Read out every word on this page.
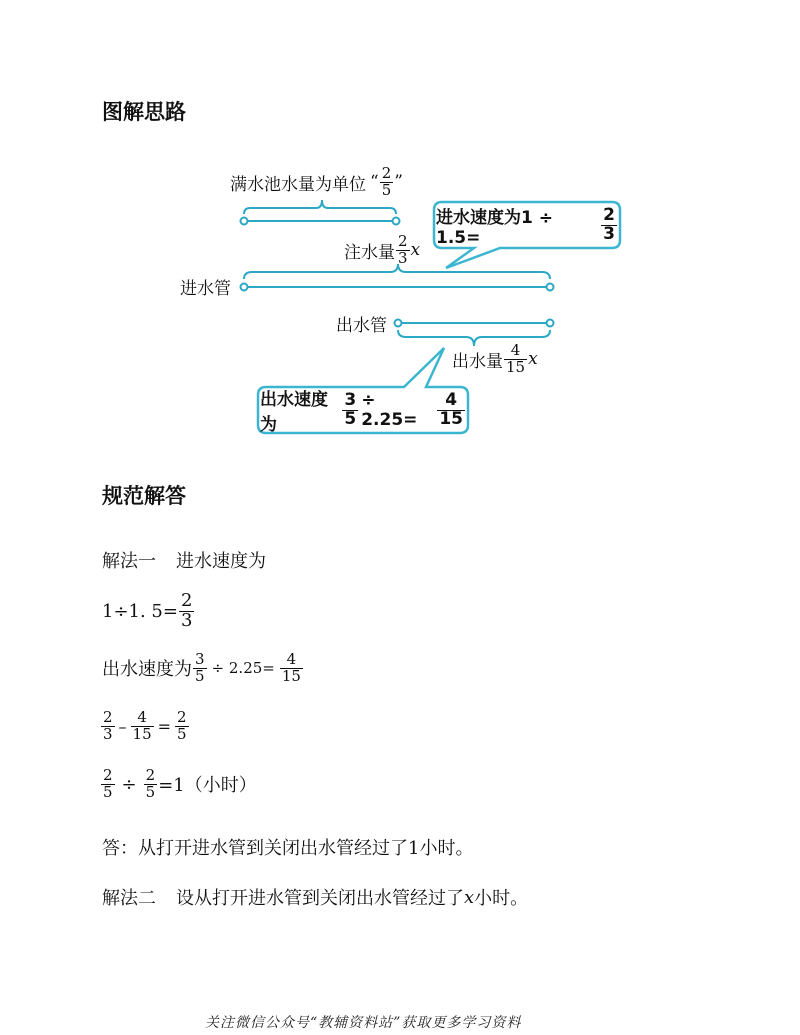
图解思路
满水池水量为单位 “ $\frac{2}{5}$ ”
注水量 $\frac{2}{3}$ x
进水管
出水管
出水量 $\frac{4}{15}$ x
进水速度为1 ÷ 1.5=	$\frac{2}{3}$
出水速度为	$\frac{3}{5} \div 2.25=$	$\frac{4}{15}$
规范解答
解法一 进水速度为
1÷1. $5= \frac{2}{3}$
出水速度为 $\frac{3}{5} \div 2.25= \frac{4}{15}$
$\frac{2}{3} - \frac{4}{15} = \frac{2}{5}$
$\frac{2}{5} \div \frac{2}{5} =1$（小时）
答：从打开进水管到关闭出水管经过了1小时。
解法二 设从打开进水管到关闭出水管经过了 x 小时。
关注微信公众号“教辅资料站”获取更多学习资料
